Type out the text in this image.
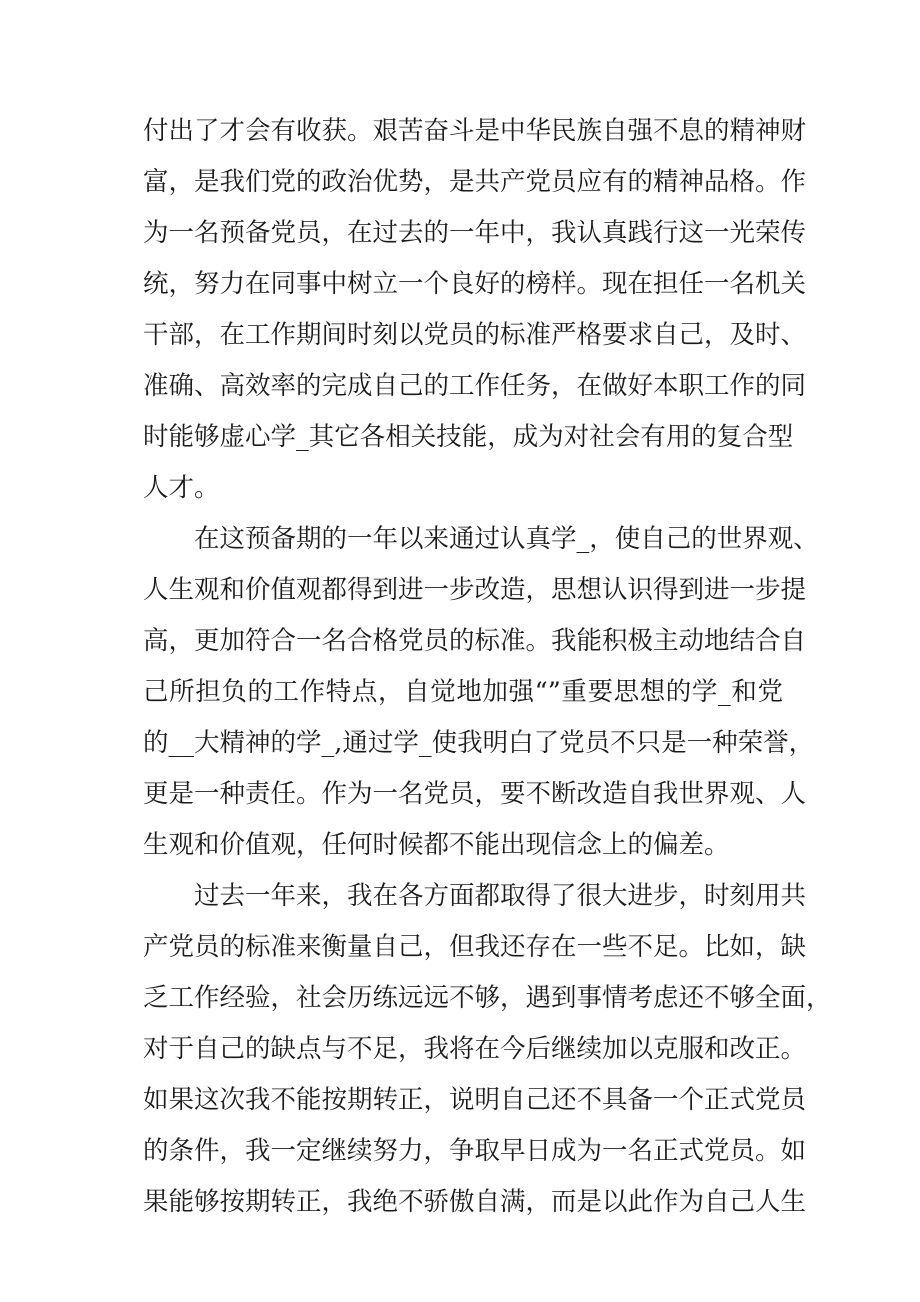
付出了才会有收获。艰苦奋斗是中华民族自强不息的精神财
富，是我们党的政治优势，是共产党员应有的精神品格。作
为一名预备党员，在过去的一年中，我认真践行这一光荣传
统，努力在同事中树立一个良好的榜样。现在担任一名机关
干部，在工作期间时刻以党员的标准严格要求自己，及时、
准确、高效率的完成自己的工作任务，在做好本职工作的同
时能够虚心学_其它各相关技能，成为对社会有用的复合型
人才。
在这预备期的一年以来通过认真学_，使自己的世界观、
人生观和价值观都得到进一步改造，思想认识得到进一步提
高，更加符合一名合格党员的标准。我能积极主动地结合自
己所担负的工作特点，自觉地加强“”重要思想的学_和党
的__大精神的学_,通过学_使我明白了党员不只是一种荣誉，
更是一种责任。作为一名党员，要不断改造自我世界观、人
生观和价值观，任何时候都不能出现信念上的偏差。
过去一年来，我在各方面都取得了很大进步，时刻用共
产党员的标准来衡量自己，但我还存在一些不足。比如，缺
乏工作经验，社会历练远远不够，遇到事情考虑还不够全面，
对于自己的缺点与不足，我将在今后继续加以克服和改正。
如果这次我不能按期转正，说明自己还不具备一个正式党员
的条件，我一定继续努力，争取早日成为一名正式党员。如
果能够按期转正，我绝不骄傲自满，而是以此作为自己人生
